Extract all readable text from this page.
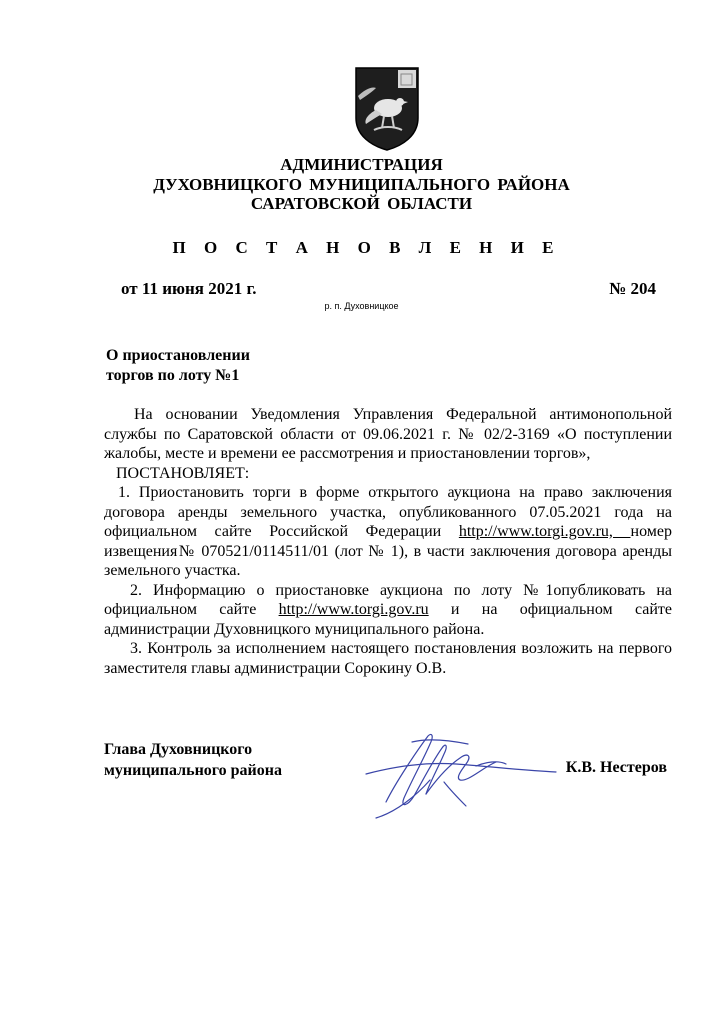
АДМИНИСТРАЦИЯ
ДУХОВНИЦКОГО МУНИЦИПАЛЬНОГО РАЙОНА
САРАТОВСКОЙ ОБЛАСТИ
П О С Т А Н О В Л Е Н И Е
от 11 июня 2021 г.	№ 204
р. п. Духовницкое
О приостановлении
торгов по лоту №1

На основании Уведомления Управления Федеральной антимонопольной службы по Саратовской области от 09.06.2021 г. № 02/2-3169 «О поступлении жалобы, месте и времени ее рассмотрения и приостановлении торгов»,

ПОСТАНОВЛЯЕТ:

1. Приостановить торги в форме открытого аукциона на право заключения договора аренды земельного участка, опубликованного 07.05.2021 года на официальном сайте Российской Федерации http://www.torgi.gov.ru, номер извещения№ 070521/0114511/01 (лот № 1), в части заключения договора аренды земельного участка.

2. Информацию о приостановке аукциона по лоту №1опубликовать на официальном сайте http://www.torgi.gov.ru и на официальном сайте администрации Духовницкого муниципального района.

3. Контроль за исполнением настоящего постановления возложить на первого заместителя главы администрации Сорокину О.В.

Глава Духовницкого
муниципального района	К.В. Нестеров
